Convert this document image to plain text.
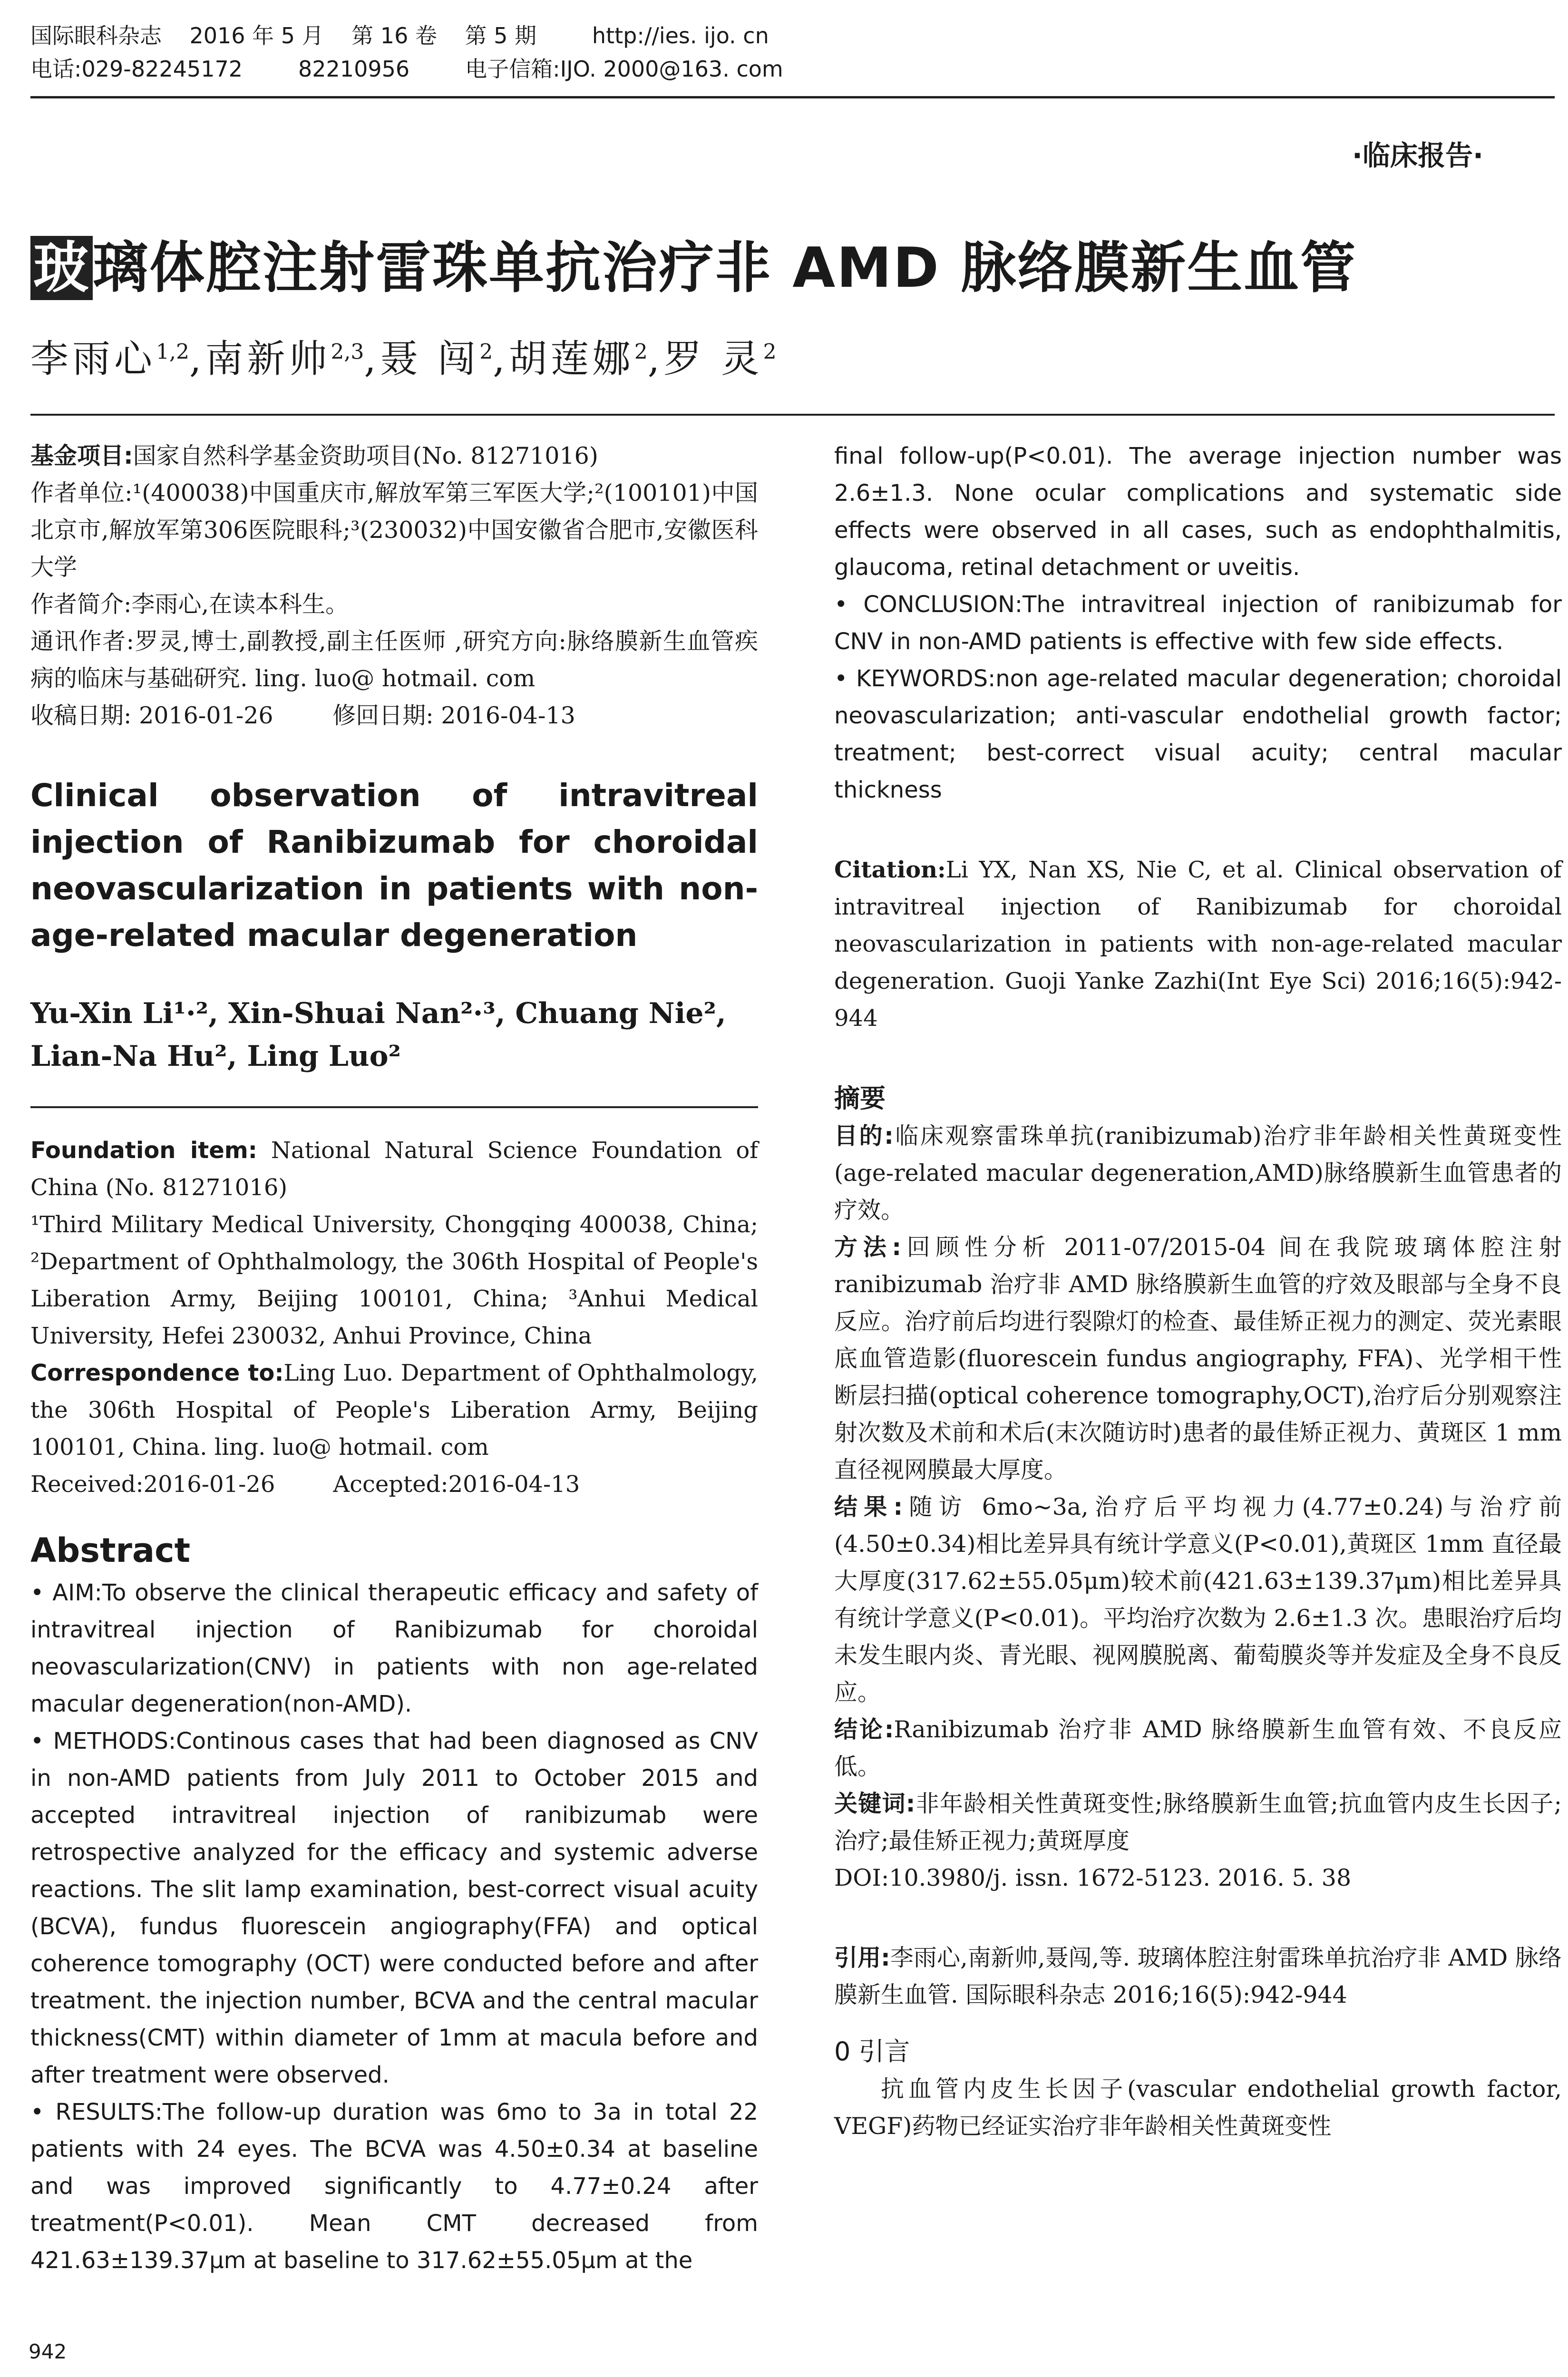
国际眼科杂志    2016 年 5 月    第 16 卷    第 5 期        http://ies. ijo. cn
电话:029-82245172        82210956        电子信箱:IJO. 2000@163. com
·临床报告·
玻璃体腔注射雷珠单抗治疗非 AMD 脉络膜新生血管
李雨心$^{1,2}$,南新帅$^{2,3}$,聂 闯$^2$,胡莲娜$^2$,罗 灵$^2$

基金项目:国家自然科学基金资助项目(No. 81271016)

作者单位:¹(400038)中国重庆市,解放军第三军医大学;²(100101)中国北京市,解放军第306医院眼科;³(230032)中国安徽省合肥市,安徽医科大学

作者简介:李雨心,在读本科生。

通讯作者:罗灵,博士,副教授,副主任医师 ,研究方向:脉络膜新生血管疾病的临床与基础研究. ling. luo@ hotmail. com

收稿日期: 2016-01-26        修回日期: 2016-04-13

Clinical observation of intravitreal injection of Ranibizumab for choroidal neovascularization in patients with non-age-related macular degeneration

Yu-Xin Li¹·², Xin-Shuai Nan²·³, Chuang Nie², Lian-Na Hu², Ling Luo²

Foundation item: National Natural Science Foundation of China (No. 81271016)

¹Third Military Medical University, Chongqing 400038, China; ²Department of Ophthalmology, the 306th Hospital of People's Liberation Army, Beijing 100101, China; ³Anhui Medical University, Hefei 230032, Anhui Province, China

Correspondence to:Ling Luo. Department of Ophthalmology, the 306th Hospital of People's Liberation Army, Beijing 100101, China. ling. luo@ hotmail. com

Received:2016-01-26        Accepted:2016-04-13

Abstract

• AIM:To observe the clinical therapeutic efficacy and safety of intravitreal injection of Ranibizumab for choroidal neovascularization(CNV) in patients with non age-related macular degeneration(non-AMD).

• METHODS:Continous cases that had been diagnosed as CNV in non-AMD patients from July 2011 to October 2015 and accepted intravitreal injection of ranibizumab were retrospective analyzed for the efficacy and systemic adverse reactions. The slit lamp examination, best-correct visual acuity (BCVA), fundus fluorescein angiography(FFA) and optical coherence tomography (OCT) were conducted before and after treatment. the injection number, BCVA and the central macular thickness(CMT) within diameter of 1mm at macula before and after treatment were observed.

• RESULTS:The follow-up duration was 6mo to 3a in total 22 patients with 24 eyes. The BCVA was 4.50±0.34 at baseline and was improved significantly to 4.77±0.24 after treatment(P<0.01). Mean CMT decreased from 421.63±139.37μm at baseline to 317.62±55.05μm at the

final follow-up(P<0.01). The average injection number was 2.6±1.3. None ocular complications and systematic side effects were observed in all cases, such as endophthalmitis, glaucoma, retinal detachment or uveitis.

• CONCLUSION:The intravitreal injection of ranibizumab for CNV in non-AMD patients is effective with few side effects.

• KEYWORDS:non age-related macular degeneration; choroidal neovascularization; anti-vascular endothelial growth factor; treatment; best-correct visual acuity; central macular thickness

Citation:Li YX, Nan XS, Nie C, et al. Clinical observation of intravitreal injection of Ranibizumab for choroidal neovascularization in patients with non-age-related macular degeneration. Guoji Yanke Zazhi(Int Eye Sci) 2016;16(5):942-944

摘要

目的:临床观察雷珠单抗(ranibizumab)治疗非年龄相关性黄斑变性(age-related macular degeneration,AMD)脉络膜新生血管患者的疗效。

方法:回顾性分析 2011-07/2015-04 间在我院玻璃体腔注射 ranibizumab 治疗非 AMD 脉络膜新生血管的疗效及眼部与全身不良反应。治疗前后均进行裂隙灯的检查、最佳矫正视力的测定、荧光素眼底血管造影(fluorescein fundus angiography, FFA)、光学相干性断层扫描(optical coherence tomography,OCT),治疗后分别观察注射次数及术前和术后(末次随访时)患者的最佳矫正视力、黄斑区 1 mm 直径视网膜最大厚度。

结果:随访 6mo~3a,治疗后平均视力(4.77±0.24)与治疗前(4.50±0.34)相比差异具有统计学意义(P<0.01),黄斑区 1mm 直径最大厚度(317.62±55.05μm)较术前(421.63±139.37μm)相比差异具有统计学意义(P<0.01)。平均治疗次数为 2.6±1.3 次。患眼治疗后均未发生眼内炎、青光眼、视网膜脱离、葡萄膜炎等并发症及全身不良反应。

结论:Ranibizumab 治疗非 AMD 脉络膜新生血管有效、不良反应低。

关键词:非年龄相关性黄斑变性;脉络膜新生血管;抗血管内皮生长因子;治疗;最佳矫正视力;黄斑厚度

DOI:10.3980/j. issn. 1672-5123. 2016. 5. 38

引用:李雨心,南新帅,聂闯,等. 玻璃体腔注射雷珠单抗治疗非 AMD 脉络膜新生血管. 国际眼科杂志 2016;16(5):942-944

0 引言

抗血管内皮生长因子(vascular endothelial growth factor, VEGF)药物已经证实治疗非年龄相关性黄斑变性

942
